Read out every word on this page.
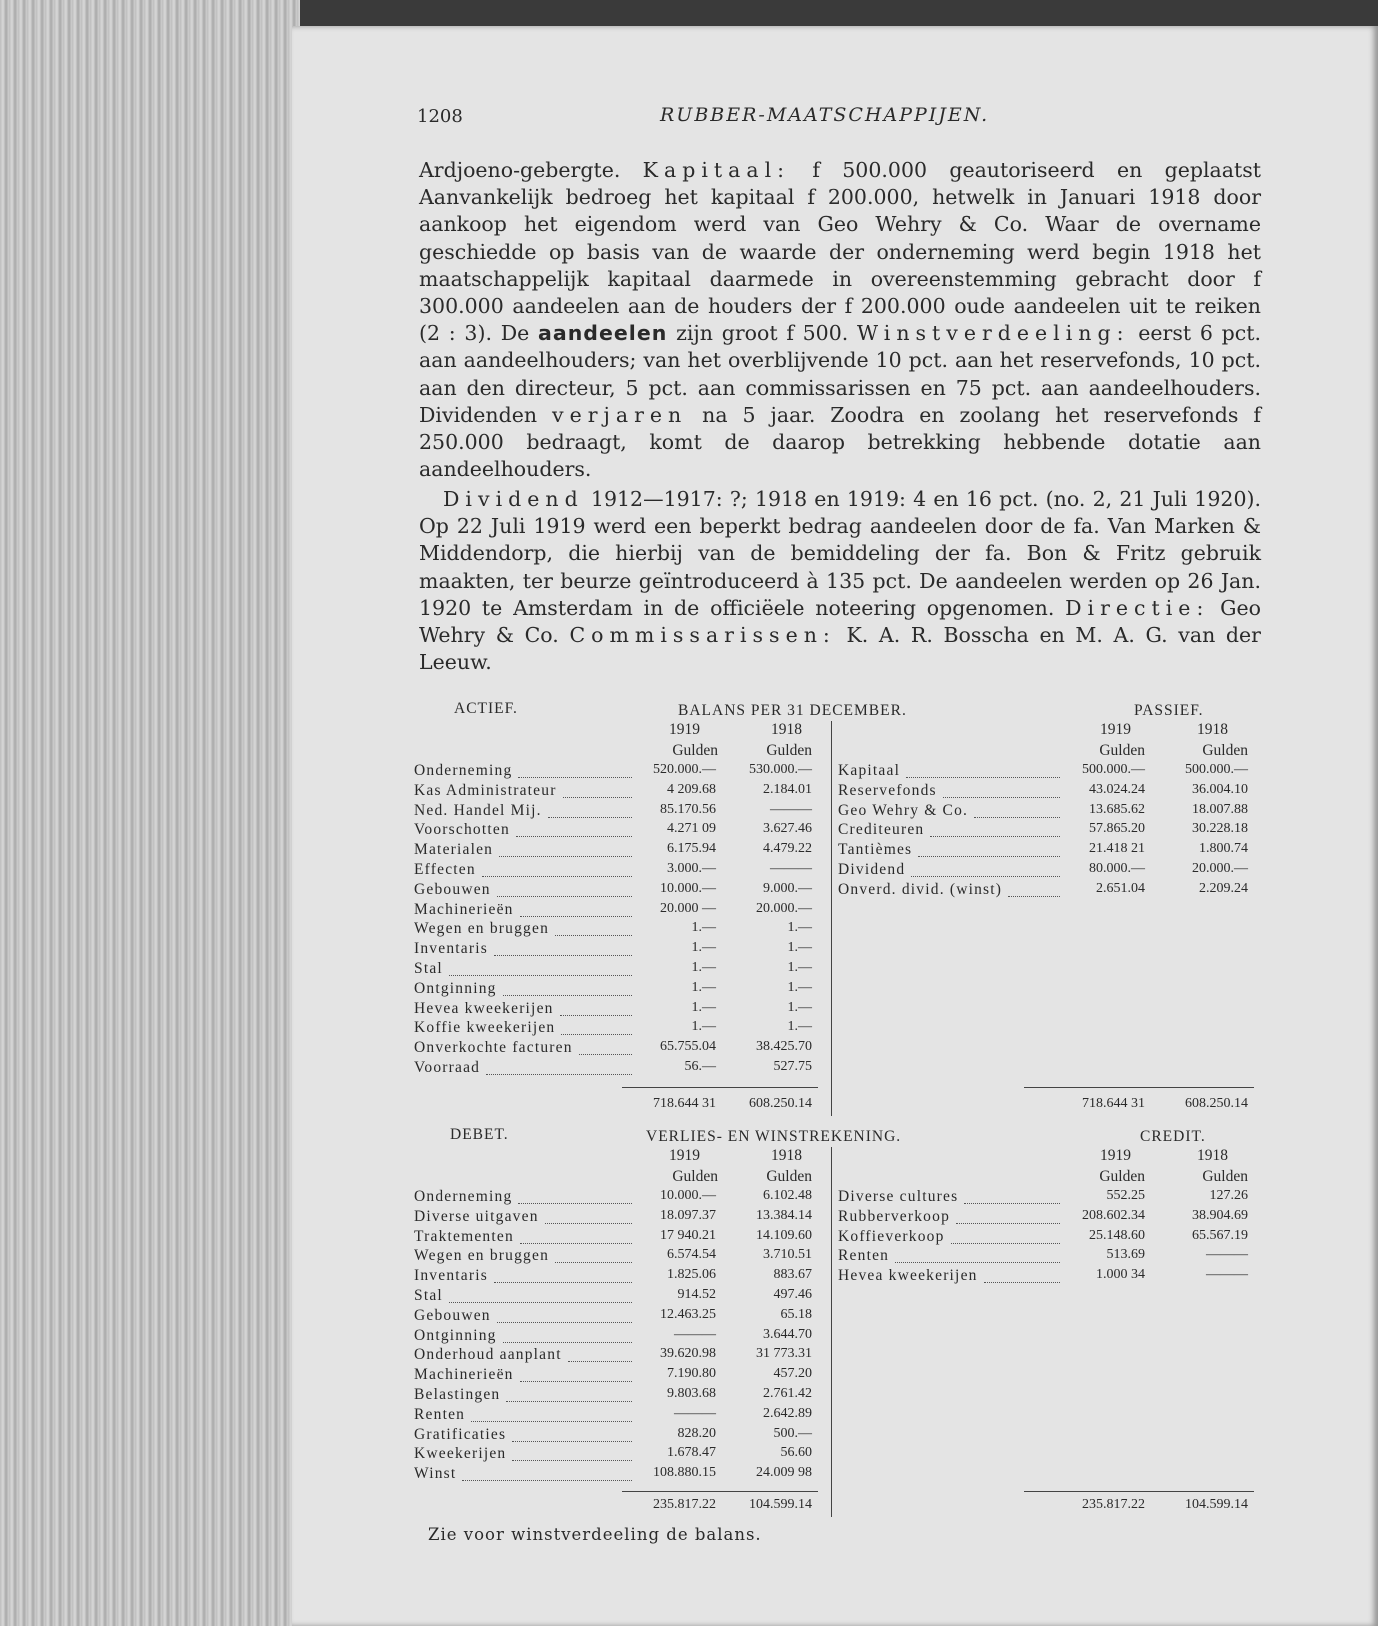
1208	RUBBER-MAATSCHAPPIJEN.
Ardjoeno-gebergte. Kapitaal: f 500.000 geautoriseerd en geplaatst Aanvankelijk bedroeg het kapitaal f 200.000, hetwelk in Januari 1918 door aankoop het eigendom werd van Geo Wehry & Co. Waar de overname geschiedde op basis van de waarde der onderneming werd begin 1918 het maatschappelijk kapitaal daarmede in overeenstemming gebracht door f 300.000 aandeelen aan de houders der f 200.000 oude aandeelen uit te reiken (2 : 3). De aandeelen zijn groot f 500. Winstverdeeling: eerst 6 pct. aan aandeelhouders; van het overblijvende 10 pct. aan het reservefonds, 10 pct. aan den directeur, 5 pct. aan commissarissen en 75 pct. aan aandeelhouders. Dividenden verjaren na 5 jaar. Zoodra en zoolang het reservefonds f 250.000 bedraagt, komt de daarop betrekking hebbende dotatie aan aandeelhouders.
Dividend 1912—1917: ?; 1918 en 1919: 4 en 16 pct. (no. 2, 21 Juli 1920). Op 22 Juli 1919 werd een beperkt bedrag aandeelen door de fa. Van Marken & Middendorp, die hierbij van de bemiddeling der fa. Bon & Fritz gebruik maakten, ter beurze geïntroduceerd à 135 pct. De aandeelen werden op 26 Jan. 1920 te Amsterdam in de officiëele noteering opgenomen. Directie: Geo Wehry & Co. Commissarissen: K. A. R. Bosscha en M. A. G. van der Leeuw.
ACTIEF.	BALANS PER 31 DECEMBER.	PASSIEF.
1919	1918	1919	1918
Gulden	Gulden	Gulden	Gulden
Onderneming	520.000.—	530.000.—
Kas Administrateur	4 209.68	2.184.01
Ned. Handel Mij.	85.170.56	———
Voorschotten	4.271 09	3.627.46
Materialen	6.175.94	4.479.22
Effecten	3.000.—	———
Gebouwen	10.000.—	9.000.—
Machinerieën	20.000 —	20.000.—
Wegen en bruggen	1.—	1.—
Inventaris	1.—	1.—
Stal	1.—	1.—
Ontginning	1.—	1.—
Hevea kweekerijen	1.—	1.—
Koffie kweekerijen	1.—	1.—
Onverkochte facturen	65.755.04	38.425.70
Voorraad	56.—	527.75
Kapitaal	500.000.—	500.000.—
Reservefonds	43.024.24	36.004.10
Geo Wehry & Co.	13.685.62	18.007.88
Crediteuren	57.865.20	30.228.18
Tantièmes	21.418 21	1.800.74
Dividend	80.000.—	20.000.—
Onverd. divid. (winst)	2.651.04	2.209.24
718.644 31	608.250.14	718.644 31	608.250.14
DEBET.	VERLIES- EN WINSTREKENING.	CREDIT.
1919	1918	1919	1918
Gulden	Gulden	Gulden	Gulden
Onderneming	10.000.—	6.102.48
Diverse uitgaven	18.097.37	13.384.14
Traktementen	17 940.21	14.109.60
Wegen en bruggen	6.574.54	3.710.51
Inventaris	1.825.06	883.67
Stal	914.52	497.46
Gebouwen	12.463.25	65.18
Ontginning	———	3.644.70
Onderhoud aanplant	39.620.98	31 773.31
Machinerieën	7.190.80	457.20
Belastingen	9.803.68	2.761.42
Renten	———	2.642.89
Gratificaties	828.20	500.—
Kweekerijen	1.678.47	56.60
Winst	108.880.15	24.009 98
Diverse cultures	552.25	127.26
Rubberverkoop	208.602.34	38.904.69
Koffieverkoop	25.148.60	65.567.19
Renten	513.69	———
Hevea kweekerijen	1.000 34	———
235.817.22	104.599.14	235.817.22	104.599.14
Zie voor winstverdeeling de balans.
